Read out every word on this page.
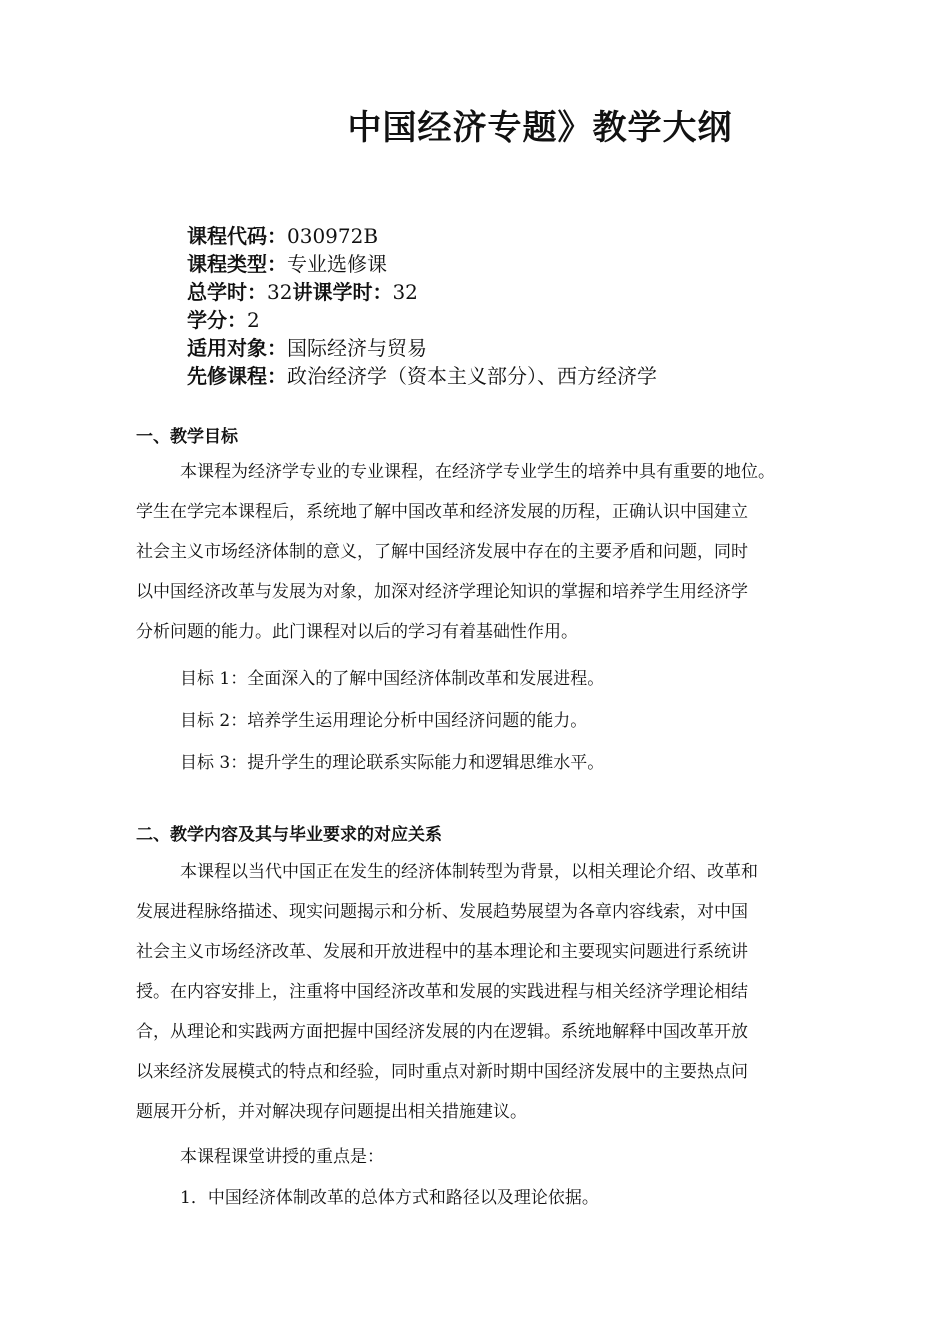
中国经济专题》教学大纲
课程代码：030972B
课程类型：专业选修课
总学时：32讲课学时：32
学分：2
适用对象：国际经济与贸易
先修课程：政治经济学（资本主义部分）、西方经济学
一、教学目标
本课程为经济学专业的专业课程，在经济学专业学生的培养中具有重要的地位。
学生在学完本课程后，系统地了解中国改革和经济发展的历程，正确认识中国建立
社会主义市场经济体制的意义，了解中国经济发展中存在的主要矛盾和问题，同时
以中国经济改革与发展为对象，加深对经济学理论知识的掌握和培养学生用经济学
分析问题的能力。此门课程对以后的学习有着基础性作用。
目标 1：全面深入的了解中国经济体制改革和发展进程。
目标 2：培养学生运用理论分析中国经济问题的能力。
目标 3：提升学生的理论联系实际能力和逻辑思维水平。
二、教学内容及其与毕业要求的对应关系
本课程以当代中国正在发生的经济体制转型为背景，以相关理论介绍、改革和
发展进程脉络描述、现实问题揭示和分析、发展趋势展望为各章内容线索，对中国
社会主义市场经济改革、发展和开放进程中的基本理论和主要现实问题进行系统讲
授。在内容安排上，注重将中国经济改革和发展的实践进程与相关经济学理论相结
合，从理论和实践两方面把握中国经济发展的内在逻辑。系统地解释中国改革开放
以来经济发展模式的特点和经验，同时重点对新时期中国经济发展中的主要热点问
题展开分析，并对解决现存问题提出相关措施建议。
本课程课堂讲授的重点是：
1．中国经济体制改革的总体方式和路径以及理论依据。
